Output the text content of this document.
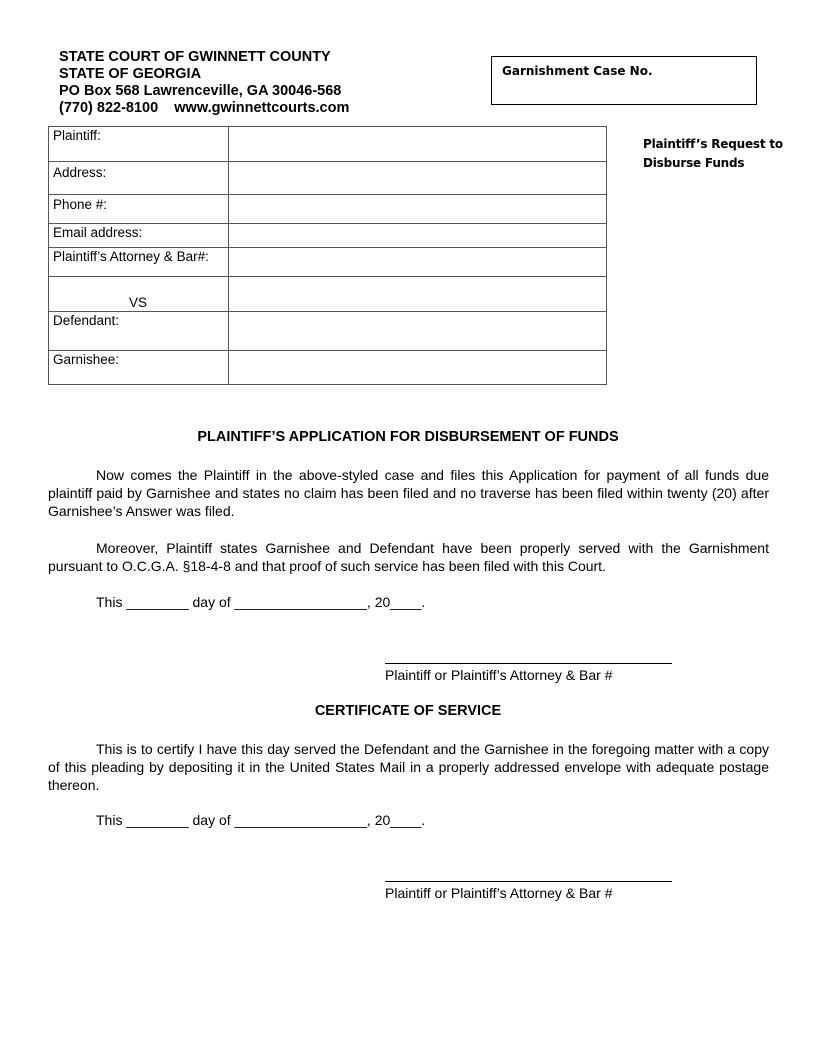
STATE COURT OF GWINNETT COUNTY
STATE OF GEORGIA
PO Box 568 Lawrenceville, GA 30046-568
(770) 822-8100    www.gwinnettcourts.com
Garnishment Case No.
Plaintiff’s Request to
Disburse Funds
Plaintiff:	
Address:	
Phone #:	
Email address:	
Plaintiff’s Attorney & Bar#:	

VS	

Defendant:	
Garnishee:	
PLAINTIFF’S APPLICATION FOR DISBURSEMENT OF FUNDS
Now comes the Plaintiff in the above-styled case and files this Application for payment of all funds due plaintiff paid by Garnishee and states no claim has been filed and no traverse has been filed within twenty (20) after Garnishee’s Answer was filed.
Moreover, Plaintiff states Garnishee and Defendant have been properly served with the Garnishment pursuant to O.C.G.A. §18-4-8 and that proof of such service has been filed with this Court.
This ________ day of _________________, 20____.
Plaintiff or Plaintiff’s Attorney & Bar #
CERTIFICATE OF SERVICE
This is to certify I have this day served the Defendant and the Garnishee in the foregoing matter with a copy of this pleading by depositing it in the United States Mail in a properly addressed envelope with adequate postage thereon.
This ________ day of _________________, 20____.
Plaintiff or Plaintiff’s Attorney & Bar #
